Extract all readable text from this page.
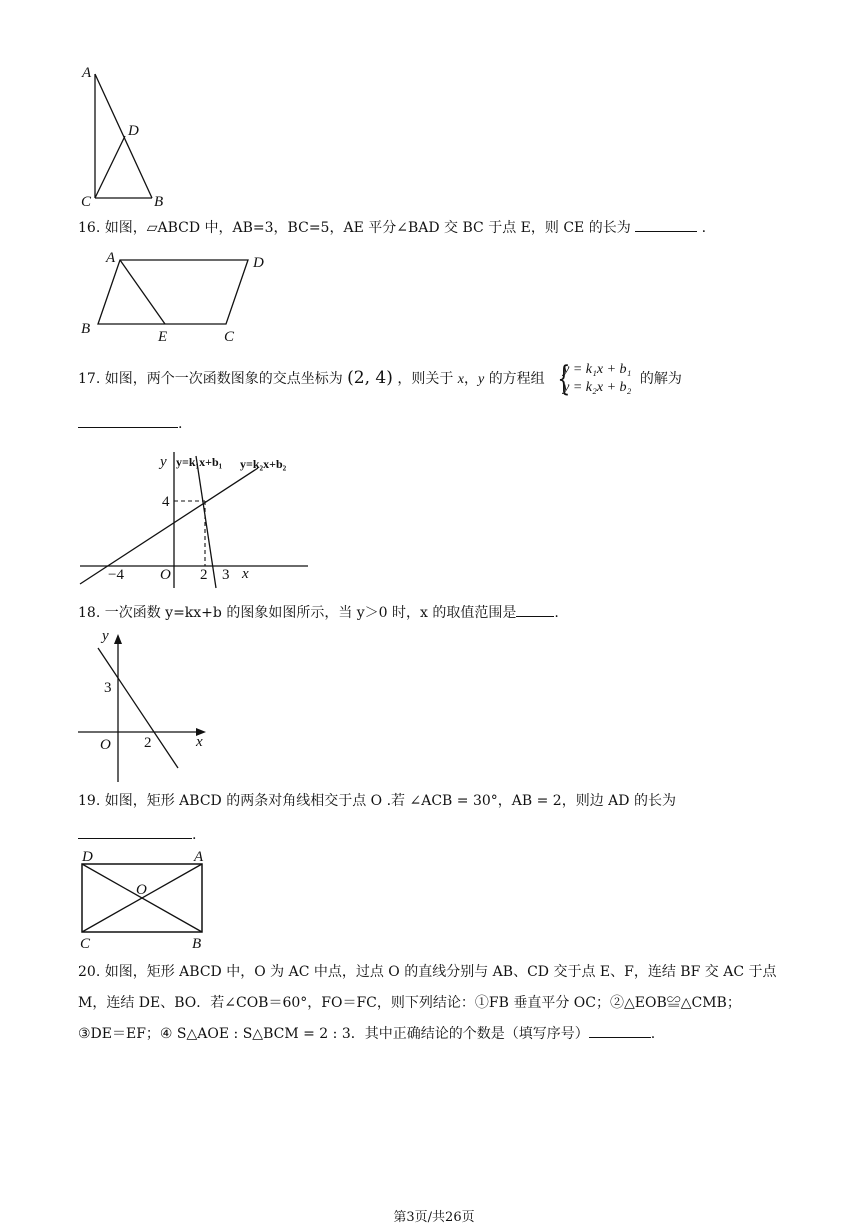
A
D
C	B
16. 如图，▱ABCD 中，AB=3，BC=5，AE 平分∠BAD 交 BC 于点 E，则 CE 的长为	.
A	D
B	E	C
17. 如图，两个一次函数图象的交点坐标为 (2, 4) ，则关于 x，y 的方程组 {
y = k₁x + b₁
y = k₂x + b₂
的解为
.
y y=k₁x+b₁ y=k₂x+b₂
4
−4 O 2 3 x
18. 一次函数 y=kx+b 的图象如图所示，当 y＞0 时，x 的取值范围是	.
y
3
O 2	x
19. 如图，矩形 ABCD 的两条对角线相交于点 O .若 ∠ACB = 30°，AB = 2，则边 AD 的长为
.
D	A
O
C	B
20. 如图，矩形 ABCD 中，O 为 AC 中点，过点 O 的直线分别与 AB、CD 交于点 E、F，连结 BF 交 AC 于点
M，连结 DE、BO．若∠COB＝60°，FO＝FC，则下列结论：①FB 垂直平分 OC；②△EOB≌△CMB；
③DE＝EF；④ S△AOE : S△BCM = 2 : 3．其中正确结论的个数是（填写序号）	.
第3页/共26页
